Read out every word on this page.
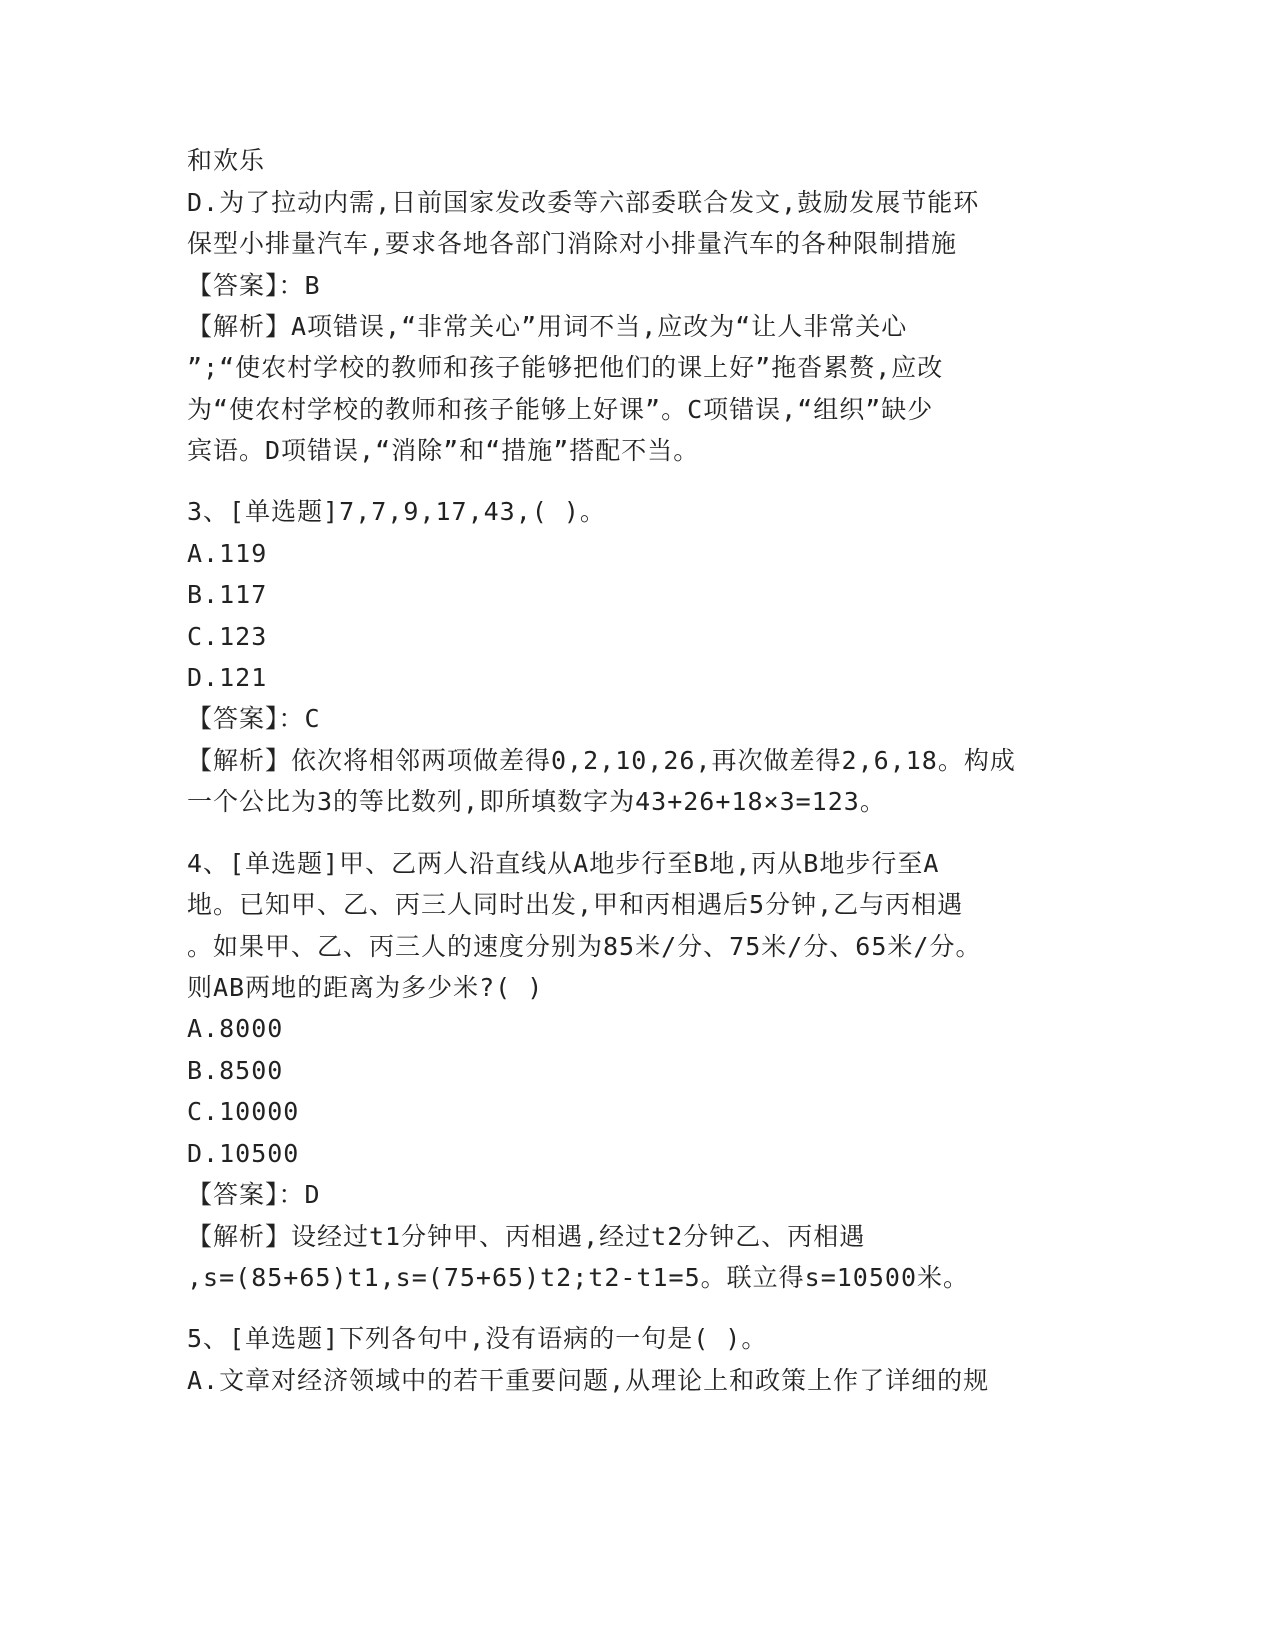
和欢乐
D.为了拉动内需,日前国家发改委等六部委联合发文,鼓励发展节能环
保型小排量汽车,要求各地各部门消除对小排量汽车的各种限制措施
【答案】：B
【解析】A项错误,“非常关心”用词不当,应改为“让人非常关心
”;“使农村学校的教师和孩子能够把他们的课上好”拖沓累赘,应改
为“使农村学校的教师和孩子能够上好课”。C项错误,“组织”缺少
宾语。D项错误,“消除”和“措施”搭配不当。
3、[单选题]7,7,9,17,43,( )。
A.119
B.117
C.123
D.121
【答案】：C
【解析】依次将相邻两项做差得0,2,10,26,再次做差得2,6,18。构成
一个公比为3的等比数列,即所填数字为43+26+18×3=123。
4、[单选题]甲、乙两人沿直线从A地步行至B地,丙从B地步行至A
地。已知甲、乙、丙三人同时出发,甲和丙相遇后5分钟,乙与丙相遇
。如果甲、乙、丙三人的速度分别为85米/分、75米/分、65米/分。
则AB两地的距离为多少米?( )
A.8000
B.8500
C.10000
D.10500
【答案】：D
【解析】设经过t1分钟甲、丙相遇,经过t2分钟乙、丙相遇
,s=(85+65)t1,s=(75+65)t2;t2-t1=5。联立得s=10500米。
5、[单选题]下列各句中,没有语病的一句是( )。
A.文章对经济领域中的若干重要问题,从理论上和政策上作了详细的规
